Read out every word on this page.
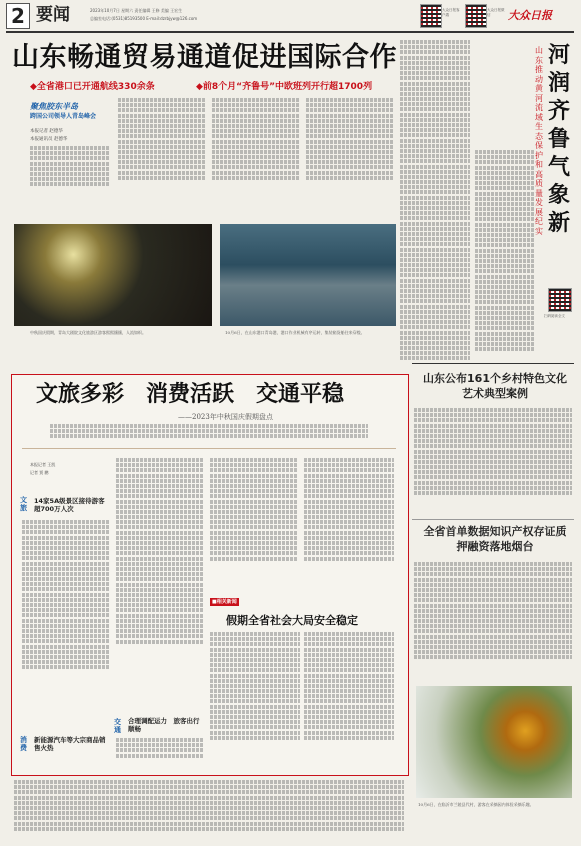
2 要闻	2023年10月7日 星期六 责任编辑 王修 美编 王宏生
总编室电话:(0531)85193500 E-mail:dzrbjyw@126.com
大众日报客户端
大众日报微信	大众日报
山东畅通贸易通道促进国际合作
◆全省港口已开通航线330余条	◆前8个月“齐鲁号”中欧班列开行超1700列
聚焦胶东半岛
跨国公司领导人青岛峰会
本报记者 赵德华
本报通讯员 赵德华
河润齐鲁气象新
山东推动黄河流域生态保护和高质量发展纪实
扫码阅读全文
中秋国庆假期，青岛大剧院文化旅游区游客熙熙攘攘，人流如织。	10月6日，在山东港口青岛港，港口作业机械有序运转，集装箱货船往来穿梭。
文旅多彩　消费活跃　交通平稳
——2023年中秋国庆假期盘点
本报记者 王凯
记者 贾 鹏
文旅
14家5A级景区接待游客超700万人次
消费
新能源汽车等大宗商品销售火热
交通
合理调配运力　旅客出行顺畅
■相关新闻
假期全省社会大局安全稳定
山东公布161个乡村特色文化艺术典型案例
全省首单数据知识产权存证质押融资落地烟台
10月6日，在临沂市兰陵县代村，游客在采摘园内体验采摘乐趣。
